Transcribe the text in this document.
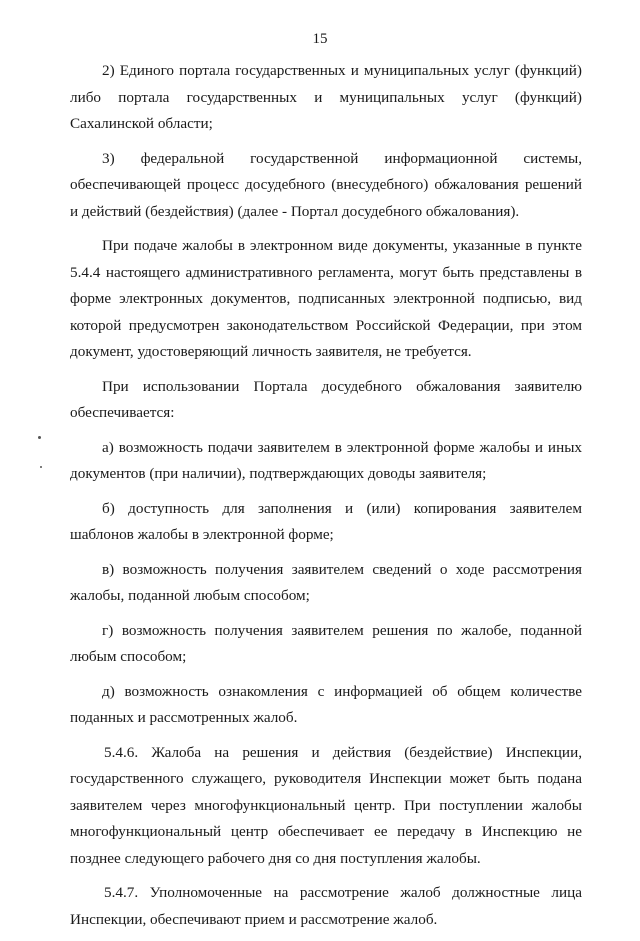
15

2) Единого портала государственных и муниципальных услуг (функций) либо портала государственных и муниципальных услуг (функций) Сахалинской области;

3) федеральной государственной информационной системы, обеспечивающей процесс досудебного (внесудебного) обжалования решений и действий (бездействия) (далее - Портал досудебного обжалования).

При подаче жалобы в электронном виде документы, указанные в пункте 5.4.4 настоящего административного регламента, могут быть представлены в форме электронных документов, подписанных электронной подписью, вид которой предусмотрен законодательством Российской Федерации, при этом документ, удостоверяющий личность заявителя, не требуется.

При использовании Портала досудебного обжалования заявителю обеспечивается:

а) возможность подачи заявителем в электронной форме жалобы и иных документов (при наличии), подтверждающих доводы заявителя;

б) доступность для заполнения и (или) копирования заявителем шаблонов жалобы в электронной форме;

в) возможность получения заявителем сведений о ходе рассмотрения жалобы, поданной любым способом;

г) возможность получения заявителем решения по жалобе, поданной любым способом;

д) возможность ознакомления с информацией об общем количестве поданных и рассмотренных жалоб.

5.4.6. Жалоба на решения и действия (бездействие) Инспекции, государственного служащего, руководителя Инспекции может быть подана заявителем через многофункциональный центр. При поступлении жалобы многофункциональный центр обеспечивает ее передачу в Инспекцию не позднее следующего рабочего дня со дня поступления жалобы.

5.4.7. Уполномоченные на рассмотрение жалоб должностные лица Инспекции, обеспечивают прием и рассмотрение жалоб.
